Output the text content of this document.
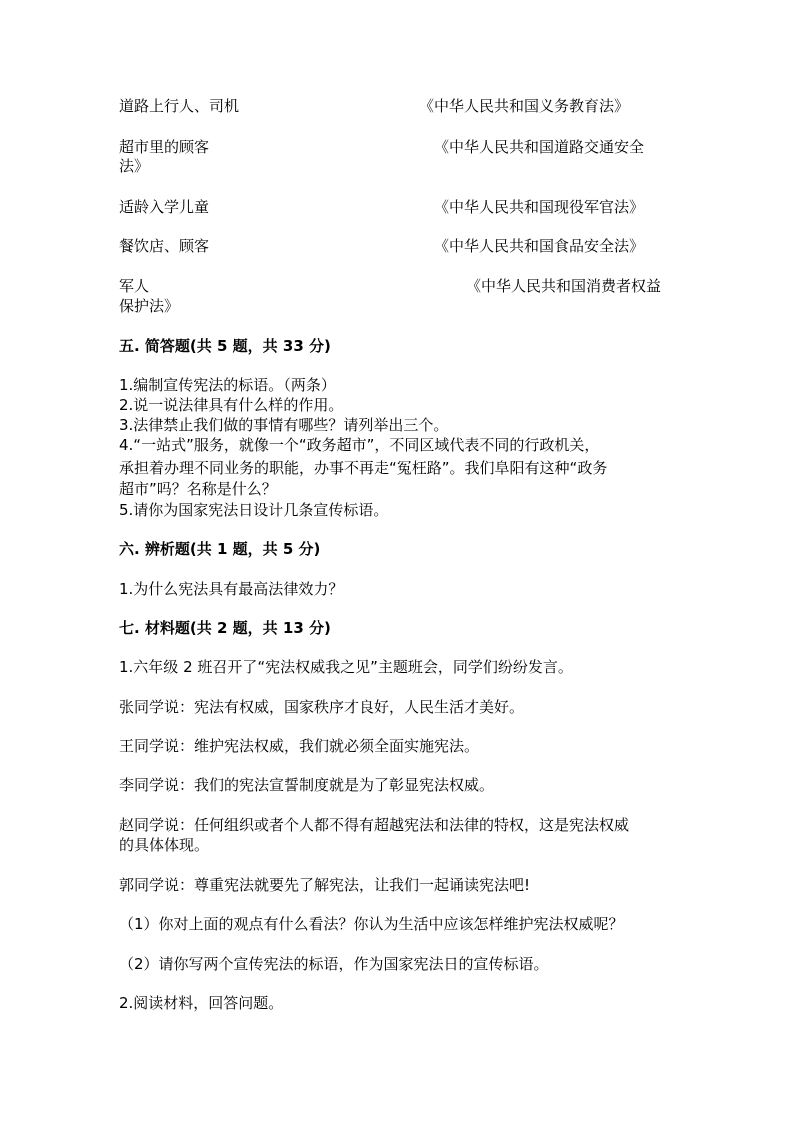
道路上行人、司机	《中华人民共和国义务教育法》
超市里的顾客	《中华人民共和国道路交通安全
法》
适龄入学儿童	《中华人民共和国现役军官法》
餐饮店、顾客	《中华人民共和国食品安全法》
军人	《中华人民共和国消费者权益
保护法》
五. 简答题(共 5 题，共 33 分)
1.编制宣传宪法的标语。（两条）
2.说一说法律具有什么样的作用。
3.法律禁止我们做的事情有哪些？请列举出三个。
4.“一站式”服务，就像一个“政务超市”，不同区域代表不同的行政机关，
承担着办理不同业务的职能，办事不再走“冤枉路”。我们阜阳有这种“政务
超市”吗？名称是什么？
5.请你为国家宪法日设计几条宣传标语。
六. 辨析题(共 1 题，共 5 分)
1.为什么宪法具有最高法律效力？
七. 材料题(共 2 题，共 13 分)
1.六年级 2 班召开了“宪法权威我之见”主题班会，同学们纷纷发言。
张同学说：宪法有权威，国家秩序才良好，人民生活才美好。
王同学说：维护宪法权威，我们就必须全面实施宪法。
李同学说：我们的宪法宣誓制度就是为了彰显宪法权威。
赵同学说：任何组织或者个人都不得有超越宪法和法律的特权，这是宪法权威
的具体体现。
郭同学说：尊重宪法就要先了解宪法，让我们一起诵读宪法吧!
（1）你对上面的观点有什么看法？你认为生活中应该怎样维护宪法权威呢？
（2）请你写两个宣传宪法的标语，作为国家宪法日的宣传标语。
2.阅读材料，回答问题。
